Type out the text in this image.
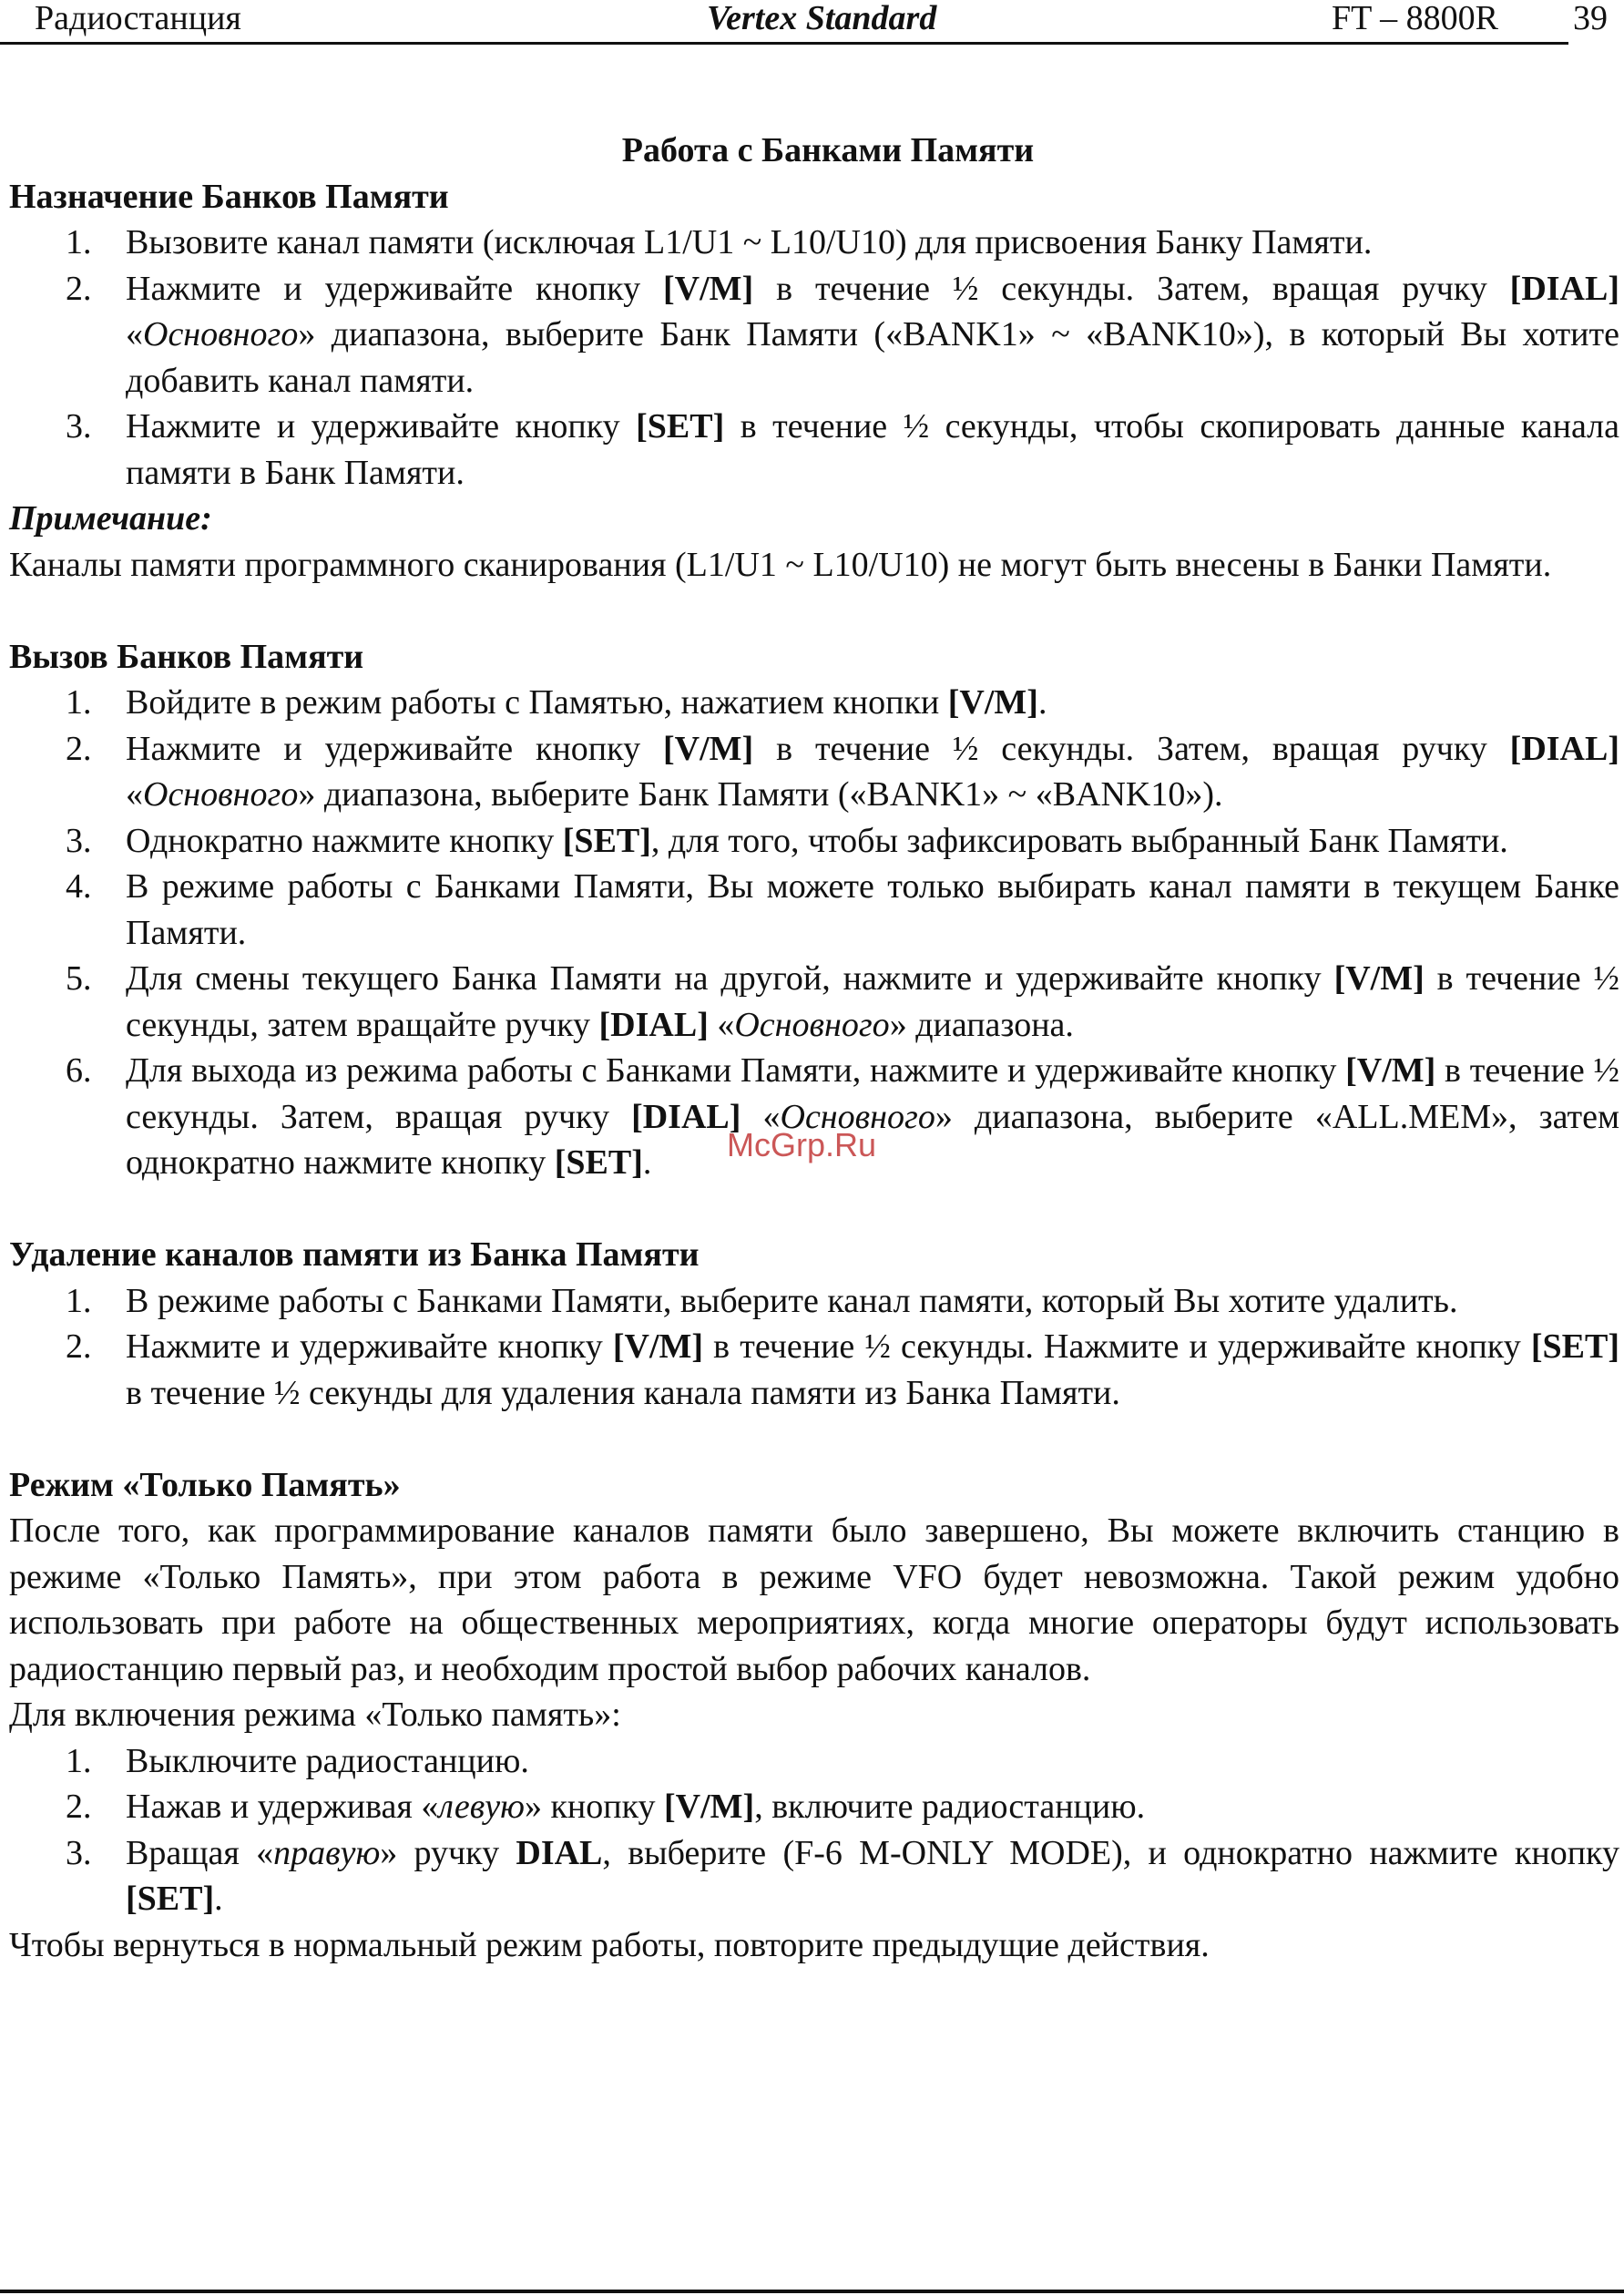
Радиостанция	Vertex Standard	FT – 8800R 39
Работа с Банками Памяти
Назначение Банков Памяти
1. Вызовите канал памяти (исключая L1/U1 ~ L10/U10) для присвоения Банку Памяти.
2. Нажмите и удерживайте кнопку [V/M] в течение ½ секунды. Затем, вращая ручку [DIAL] «Основного» диапазона, выберите Банк Памяти («BANK1» ~ «BANK10»), в который Вы хотите добавить канал памяти.
3. Нажмите и удерживайте кнопку [SET] в течение ½ секунды, чтобы скопировать данные канала памяти в Банк Памяти.
Примечание:

Каналы памяти программного сканирования (L1/U1 ~ L10/U10) не могут быть внесены в Банки Памяти.

Вызов Банков Памяти
1. Войдите в режим работы с Памятью, нажатием кнопки [V/M].
2. Нажмите и удерживайте кнопку [V/M] в течение ½ секунды. Затем, вращая ручку [DIAL] «Основного» диапазона, выберите Банк Памяти («BANK1» ~ «BANK10»).
3. Однократно нажмите кнопку [SET], для того, чтобы зафиксировать выбранный Банк Памяти.
4. В режиме работы с Банками Памяти, Вы можете только выбирать канал памяти в текущем Банке Памяти.
5. Для смены текущего Банка Памяти на другой, нажмите и удерживайте кнопку [V/M] в течение ½ секунды, затем вращайте ручку [DIAL] «Основного» диапазона.
6. Для выхода из режима работы с Банками Памяти, нажмите и удерживайте кнопку [V/M] в течение ½ секунды. Затем, вращая ручку [DIAL] «Основного» диапазона, выберите «ALL.MEM», затем однократно нажмите кнопку [SET].
Удаление каналов памяти из Банка Памяти
1. В режиме работы с Банками Памяти, выберите канал памяти, который Вы хотите удалить.
2. Нажмите и удерживайте кнопку [V/M] в течение ½ секунды. Нажмите и удерживайте кнопку [SET] в течение ½ секунды для удаления канала памяти из Банка Памяти.
Режим «Только Память»

После того, как программирование каналов памяти было завершено, Вы можете включить станцию в режиме «Только Память», при этом работа в режиме VFO будет невозможна. Такой режим удобно использовать при работе на общественных мероприятиях, когда многие операторы будут использовать радиостанцию первый раз, и необходим простой выбор рабочих каналов.

Для включения режима «Только память»:

1. Выключите радиостанцию.
2. Нажав и удерживая «левую» кнопку [V/M], включите радиостанцию.
3. Вращая «правую» ручку DIAL, выберите (F-6 M-ONLY MODE), и однократно нажмите кнопку [SET].

Чтобы вернуться в нормальный режим работы, повторите предыдущие действия.

McGrp.Ru
